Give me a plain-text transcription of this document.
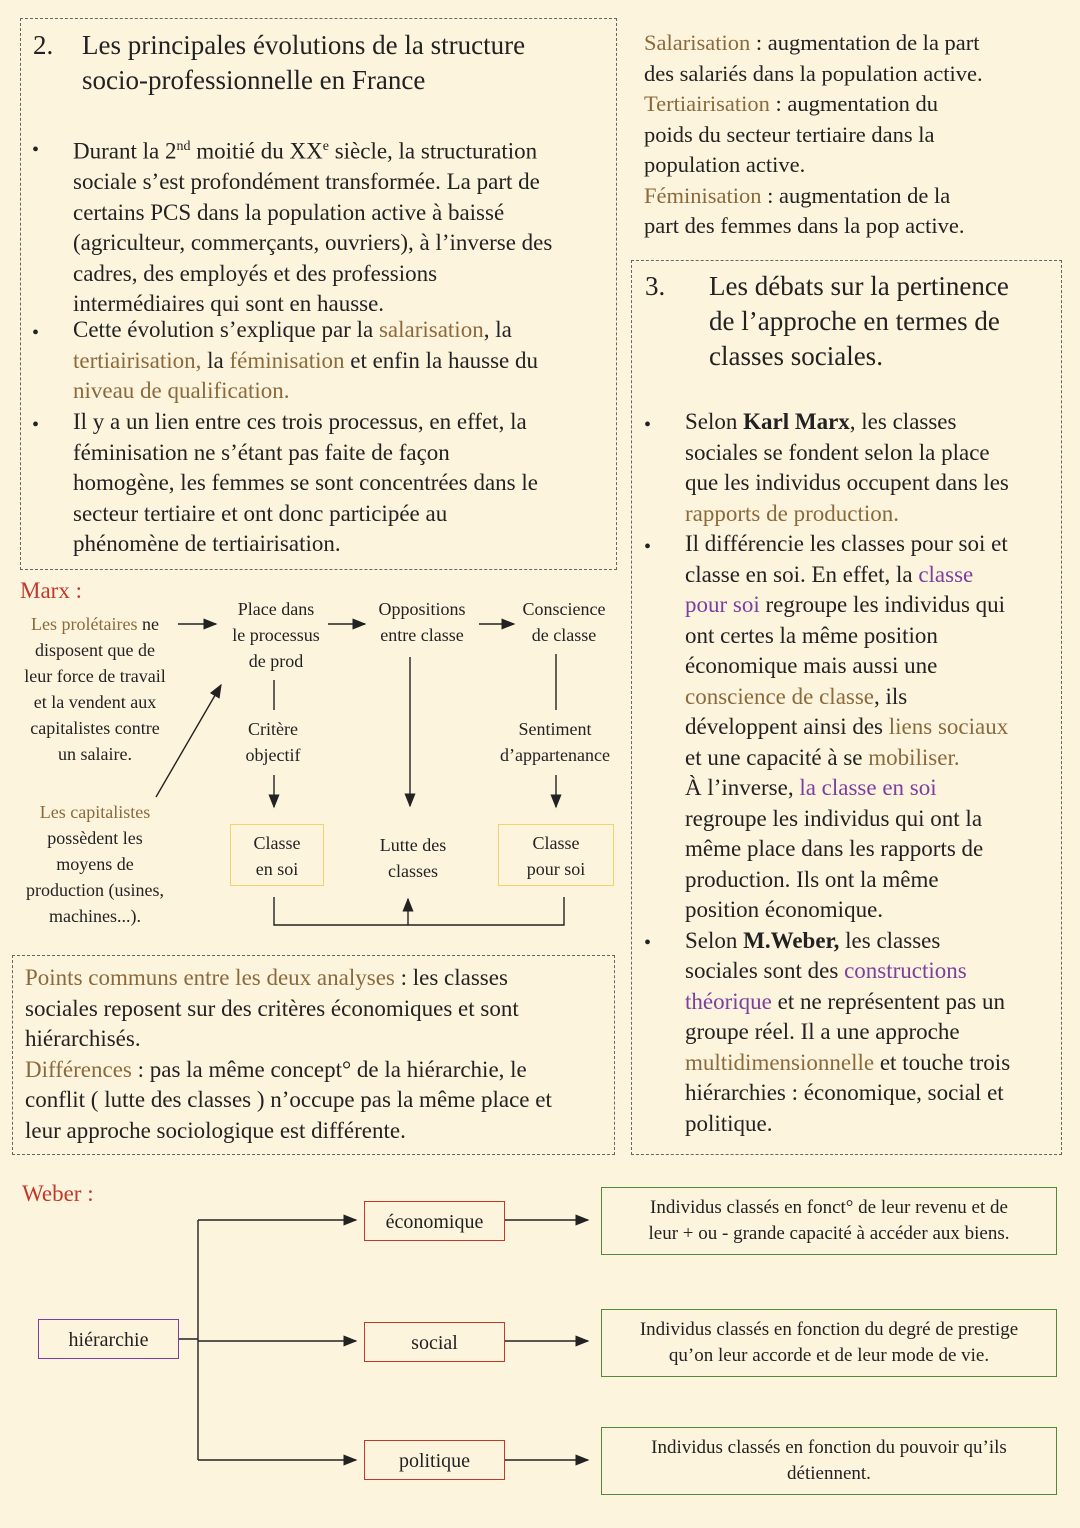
2. Les principales évolutions de la structure
socio-professionnelle en France
• Durant la 2nd moitié du XXe siècle, la structuration
sociale s’est profondément transformée. La part de
certains PCS dans la population active à baissé
(agriculteur, commerçants, ouvriers), à l’inverse des
cadres, des employés et des professions
intermédiaires qui sont en hausse.
• Cette évolution s’explique par la salarisation, la
tertiairisation, la féminisation et enfin la hausse du
niveau de qualification.
• Il y a un lien entre ces trois processus, en effet, la
féminisation ne s’étant pas faite de façon
homogène, les femmes se sont concentrées dans le
secteur tertiaire et ont donc participée au
phénomène de tertiairisation.
Salarisation : augmentation de la part
des salariés dans la population active.
Tertiairisation : augmentation du
poids du secteur tertiaire dans la
population active.
Féminisation : augmentation de la
part des femmes dans la pop active.
3. Les débats sur la pertinence
de l’approche en termes de
classes sociales.
• Selon Karl Marx, les classes
sociales se fondent selon la place
que les individus occupent dans les
rapports de production.
Il différencie les classes pour soi et
classe en soi. En effet, la classe
pour soi regroupe les individus qui
ont certes la même position
économique mais aussi une
conscience de classe, ils
développent ainsi des liens sociaux
et une capacité à se mobiliser.
À l’inverse, la classe en soi
regroupe les individus qui ont la
même place dans les rapports de
production. Ils ont la même
position économique.
Selon M.Weber, les classes
sociales sont des constructions
théorique et ne représentent pas un
groupe réel. Il a une approche
multidimensionnelle et touche trois
hiérarchies : économique, social et
politique.
•
•
Marx :
Les prolétaires ne
disposent que de
leur force de travail
et la vendent aux
capitalistes contre
un salaire.
Les capitalistes
possèdent les
moyens de
production (usines,
machines...).
Place dans
le processus
de prod
Oppositions
entre classe
Conscience
de classe
Critère
objectif
Sentiment
d’appartenance
Classe
en soi
Lutte des
classes
Classe
pour soi
Points communs entre les deux analyses : les classes
sociales reposent sur des critères économiques et sont
hiérarchisés.
Différences : pas la même concept° de la hiérarchie, le
conflit ( lutte des classes ) n’occupe pas la même place et
leur approche sociologique est différente.
Weber :
hiérarchie
économique
social
politique
Individus classés en fonct° de leur revenu et de
leur + ou - grande capacité à accéder aux biens.
Individus classés en fonction du degré de prestige
qu’on leur accorde et de leur mode de vie.
Individus classés en fonction du pouvoir qu’ils
détiennent.
